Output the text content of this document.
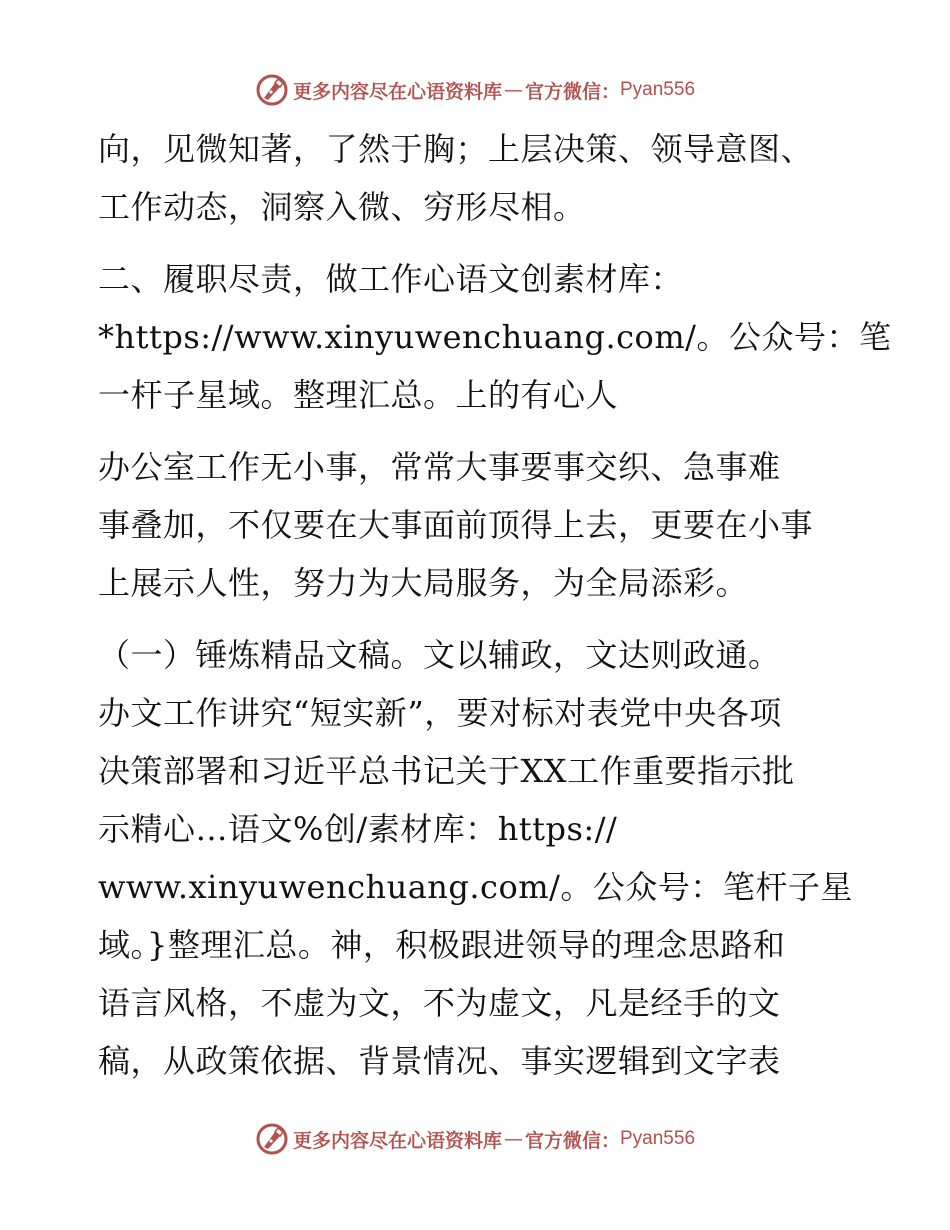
更多内容尽在心语资料库 — 官方微信： Pyan556
向，见微知著，了然于胸；上层决策、领导意图、
工作动态，洞察入微、穷形尽相。
二、履职尽责，做工作心语文创素材库：
*https://www.xinyuwenchuang.com/。公众号：笔
一杆子星域。整理汇总。上的有心人
办公室工作无小事，常常大事要事交织、急事难
事叠加，不仅要在大事面前顶得上去，更要在小事
上展示人性，努力为大局服务，为全局添彩。
（一）锤炼精品文稿。文以辅政，文达则政通。
办文工作讲究“短实新”，要对标对表党中央各项
决策部署和习近平总书记关于XX工作重要指示批
示精心…语文%创/素材库：https://
www.xinyuwenchuang.com/。公众号：笔杆子星
域。}整理汇总。神，积极跟进领导的理念思路和
语言风格，不虚为文，不为虚文，凡是经手的文
稿，从政策依据、背景情况、事实逻辑到文字表
更多内容尽在心语资料库 — 官方微信： Pyan556
